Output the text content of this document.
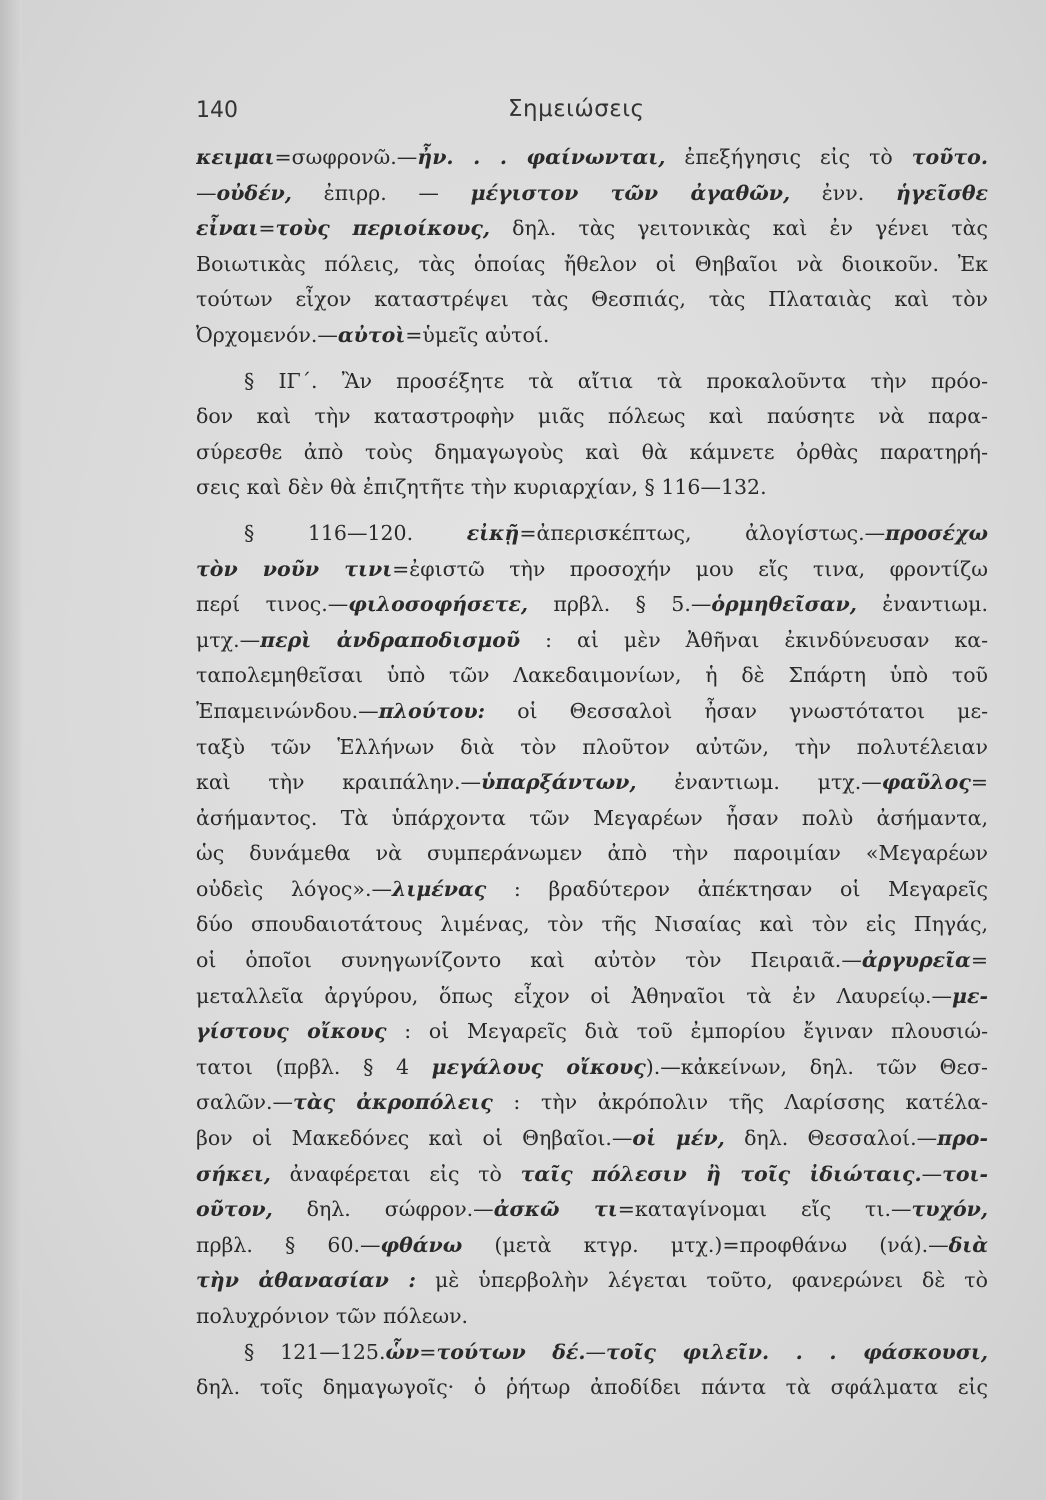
140	Σημειώσεις
κειμαι=σωφρονῶ.—ἦν. . . φαίνωνται, ἐπεξήγησις εἰς τὸ τοῦτο.
—οὐδέν, ἐπιρρ. — μέγιστον τῶν ἀγαθῶν, ἐνν. ἡγεῖσθε
εἶναι=τοὺς περιοίκους, δηλ. τὰς γειτονικὰς καὶ ἐν γένει τὰς
Βοιωτικὰς πόλεις, τὰς ὁποίας ἤθελον οἱ Θηβαῖοι νὰ διοικοῦν. Ἐκ
τούτων εἶχον καταστρέψει τὰς Θεσπιάς, τὰς Πλαταιὰς καὶ τὸν
Ὀρχομενόν.—αὐτοὶ=ὑμεῖς αὐτοί.
§ ΙΓ΄. Ἂν προσέξητε τὰ αἴτια τὰ προκαλοῦντα τὴν πρόο-
δον καὶ τὴν καταστροφὴν μιᾶς πόλεως καὶ παύσητε νὰ παρα-
σύρεσθε ἀπὸ τοὺς δημαγωγοὺς καὶ θὰ κάμνετε ὀρθὰς παρατηρή-
σεις καὶ δὲν θὰ ἐπιζητῆτε τὴν κυριαρχίαν, § 116—132.
§ 116—120. εἰκῇ=ἀπερισκέπτως, ἀλογίστως.—προσέχω
τὸν νοῦν τινι=ἐφιστῶ τὴν προσοχήν μου εἴς τινα, φροντίζω
περί τινος.—φιλοσοφήσετε, πρβλ. § 5.—ὁρμηθεῖσαν, ἐναντιωμ.
μτχ.—περὶ ἀνδραποδισμοῦ : αἱ μὲν Ἀθῆναι ἐκινδύνευσαν κα-
ταπολεμηθεῖσαι ὑπὸ τῶν Λακεδαιμονίων, ἡ δὲ Σπάρτη ὑπὸ τοῦ
Ἐπαμεινώνδου.—πλούτου: οἱ Θεσσαλοὶ ἦσαν γνωστότατοι με-
ταξὺ τῶν Ἑλλήνων διὰ τὸν πλοῦτον αὐτῶν, τὴν πολυτέλειαν
καὶ τὴν κραιπάλην.—ὑπαρξάντων, ἐναντιωμ. μτχ.—φαῦλος=
ἀσήμαντος. Τὰ ὑπάρχοντα τῶν Μεγαρέων ἦσαν πολὺ ἀσήμαντα,
ὡς δυνάμεθα νὰ συμπεράνωμεν ἀπὸ τὴν παροιμίαν «Μεγαρέων
οὐδεὶς λόγος».—λιμένας : βραδύτερον ἀπέκτησαν οἱ Μεγαρεῖς
δύο σπουδαιοτάτους λιμένας, τὸν τῆς Νισαίας καὶ τὸν εἰς Πηγάς,
οἱ ὁποῖοι συνηγωνίζοντο καὶ αὐτὸν τὸν Πειραιᾶ.—ἀργυρεῖα=
μεταλλεῖα ἀργύρου, ὅπως εἶχον οἱ Ἀθηναῖοι τὰ ἐν Λαυρείῳ.—με-
γίστους οἴκους : οἱ Μεγαρεῖς διὰ τοῦ ἐμπορίου ἔγιναν πλουσιώ-
τατοι (πρβλ. § 4 μεγάλους οἴκους).—κἀκείνων, δηλ. τῶν Θεσ-
σαλῶν.—τὰς ἀκροπόλεις : τὴν ἀκρόπολιν τῆς Λαρίσσης κατέλα-
βον οἱ Μακεδόνες καὶ οἱ Θηβαῖοι.—οἱ μέν, δηλ. Θεσσαλοί.—προ-
σήκει, ἀναφέρεται εἰς τὸ ταῖς πόλεσιν ἢ τοῖς ἰδιώταις.—τοι-
οῦτον, δηλ. σώφρον.—ἀσκῶ τι=καταγίνομαι εἴς τι.—τυχόν,
πρβλ. § 60.—φθάνω (μετὰ κτγρ. μτχ.)=προφθάνω (νά).—διὰ
τὴν ἀθανασίαν : μὲ ὑπερβολὴν λέγεται τοῦτο, φανερώνει δὲ τὸ
πολυχρόνιον τῶν πόλεων.
§ 121—125.ὧν=τούτων δέ.—τοῖς φιλεῖν. . . φάσκουσι,
δηλ. τοῖς δημαγωγοῖς· ὁ ῥήτωρ ἀποδίδει πάντα τὰ σφάλματα εἰς
